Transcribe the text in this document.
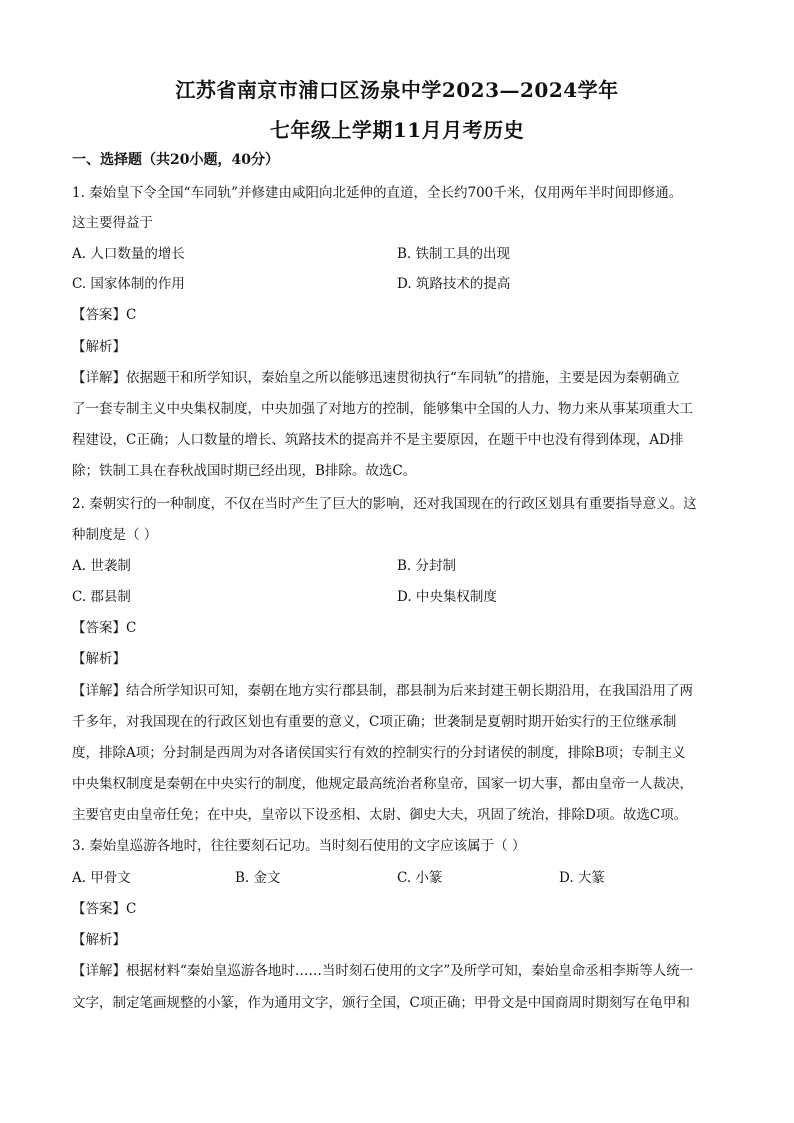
江苏省南京市浦口区汤泉中学2023—2024学年
七年级上学期11月月考历史
一、选择题（共20小题，40分）
1. 秦始皇下令全国“车同轨”并修建由咸阳向北延伸的直道，全长约700千米，仅用两年半时间即修通。
这主要得益于
A. 人口数量的增长	B. 铁制工具的出现
C. 国家体制的作用	D. 筑路技术的提高
【答案】C
【解析】
【详解】依据题干和所学知识，秦始皇之所以能够迅速贯彻执行“车同轨”的措施，主要是因为秦朝确立
了一套专制主义中央集权制度，中央加强了对地方的控制，能够集中全国的人力、物力来从事某项重大工
程建设，C正确；人口数量的增长、筑路技术的提高并不是主要原因，在题干中也没有得到体现，AD排
除；铁制工具在春秋战国时期已经出现，B排除。故选C。
2. 秦朝实行的一种制度，不仅在当时产生了巨大的影响，还对我国现在的行政区划具有重要指导意义。这
种制度是（ ）
A. 世袭制	B. 分封制
C. 郡县制	D. 中央集权制度
【答案】C
【解析】
【详解】结合所学知识可知，秦朝在地方实行郡县制，郡县制为后来封建王朝长期沿用，在我国沿用了两
千多年，对我国现在的行政区划也有重要的意义，C项正确；世袭制是夏朝时期开始实行的王位继承制
度，排除A项；分封制是西周为对各诸侯国实行有效的控制实行的分封诸侯的制度，排除B项；专制主义
中央集权制度是秦朝在中央实行的制度，他规定最高统治者称皇帝，国家一切大事，都由皇帝一人裁决，
主要官吏由皇帝任免；在中央，皇帝以下设丞相、太尉、御史大夫，巩固了统治，排除D项。故选C项。
3. 秦始皇巡游各地时，往往要刻石记功。当时刻石使用的文字应该属于（ ）
A. 甲骨文	B. 金文	C. 小篆	D. 大篆
【答案】C
【解析】
【详解】根据材料“秦始皇巡游各地时……当时刻石使用的文字”及所学可知，秦始皇命丞相李斯等人统一
文字，制定笔画规整的小篆，作为通用文字，颁行全国，C项正确；甲骨文是中国商周时期刻写在龟甲和
